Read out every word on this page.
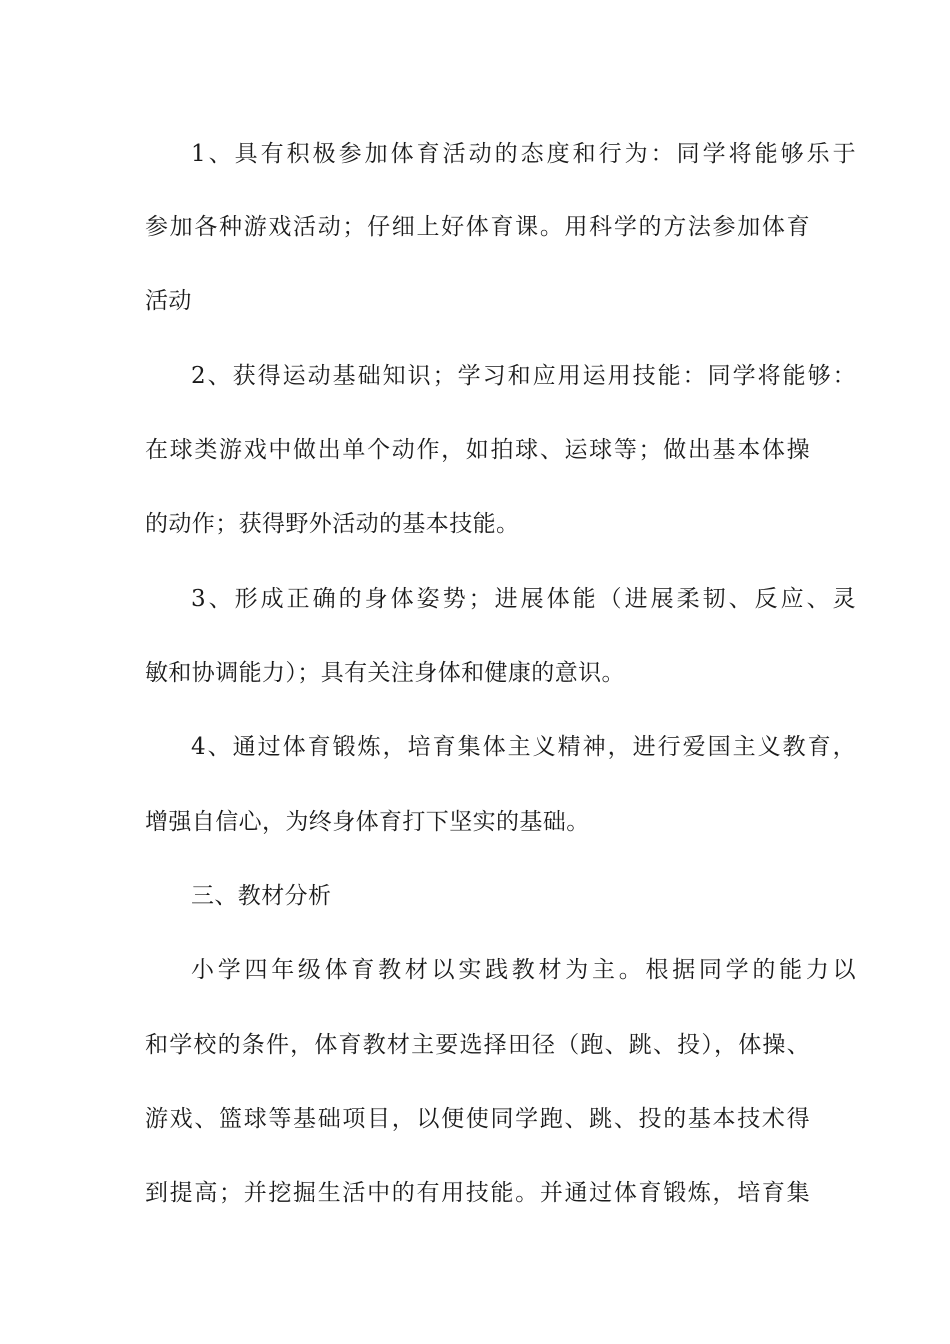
1、具有积极参加体育活动的态度和行为：同学将能够乐于
参加各种游戏活动；仔细上好体育课。用科学的方法参加体育
活动
2、获得运动基础知识；学习和应用运用技能：同学将能够：
在球类游戏中做出单个动作，如拍球、运球等；做出基本体操
的动作；获得野外活动的基本技能。
3、形成正确的身体姿势；进展体能（进展柔韧、反应、灵
敏和协调能力）；具有关注身体和健康的意识。
4、通过体育锻炼，培育集体主义精神，进行爱国主义教育，
增强自信心，为终身体育打下坚实的基础。
三、教材分析
小学四年级体育教材以实践教材为主。根据同学的能力以
和学校的条件，体育教材主要选择田径（跑、跳、投），体操、
游戏、篮球等基础项目，以便使同学跑、跳、投的基本技术得
到提高；并挖掘生活中的有用技能。并通过体育锻炼，培育集
